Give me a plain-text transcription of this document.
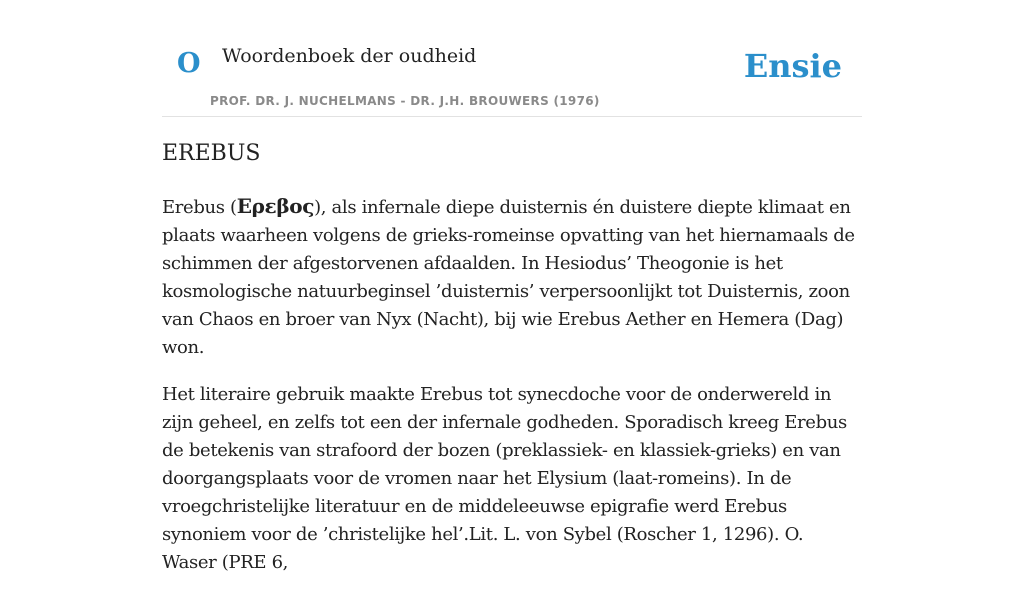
O Woordenboek der oudheid
PROF. DR. J. NUCHELMANS - DR. J.H. BROUWERS (1976)
Ensie
EREBUS

Erebus (Ερεβος), als infernale diepe duisternis én duistere diepte klimaat en plaats waarheen volgens de grieks-romeinse opvatting van het hiernamaals de schimmen der afgestorvenen afdaalden. In Hesiodus’ Theogonie is het kosmologische natuurbeginsel ’duisternis’ verpersoonlijkt tot Duisternis, zoon van Chaos en broer van Nyx (Nacht), bij wie Erebus Aether en Hemera (Dag) won.

Het literaire gebruik maakte Erebus tot synecdoche voor de onderwereld in zijn geheel, en zelfs tot een der infernale godheden. Sporadisch kreeg Erebus de betekenis van strafoord der bozen (preklassiek- en klassiek-grieks) en van doorgangsplaats voor de vromen naar het Elysium (laat-romeins). In de vroegchristelijke literatuur en de middeleeuwse epigrafie werd Erebus synoniem voor de ’christelijke hel’.Lit. L. von Sybel (Roscher 1, 1296). O. Waser (PRE 6,
